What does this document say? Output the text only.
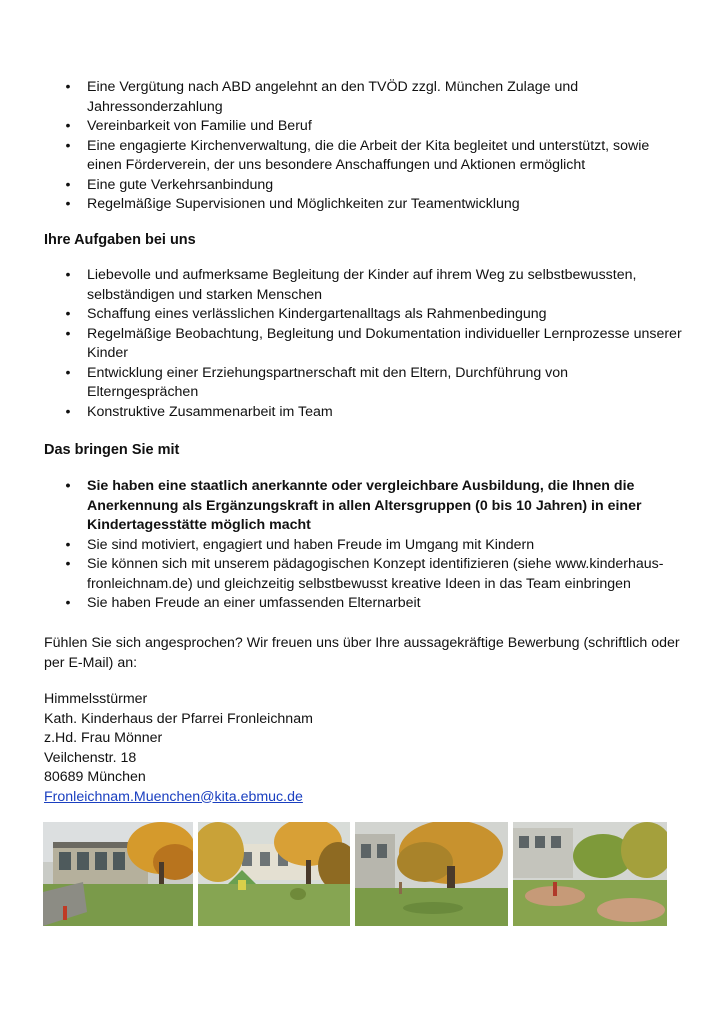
• Eine Vergütung nach ABD angelehnt an den TVÖD zzgl. München Zulage und Jahressonderzahlung
• Vereinbarkeit von Familie und Beruf
• Eine engagierte Kirchenverwaltung, die die Arbeit der Kita begleitet und unterstützt, sowie einen Förderverein, der uns besondere Anschaffungen und Aktionen ermöglicht
• Eine gute Verkehrsanbindung
• Regelmäßige Supervisionen und Möglichkeiten zur Teamentwicklung
Ihre Aufgaben bei uns
• Liebevolle und aufmerksame Begleitung der Kinder auf ihrem Weg zu selbstbewussten, selbständigen und starken Menschen
• Schaffung eines verlässlichen Kindergartenalltags als Rahmenbedingung
• Regelmäßige Beobachtung, Begleitung und Dokumentation individueller Lernprozesse unserer Kinder
• Entwicklung einer Erziehungspartnerschaft mit den Eltern, Durchführung von Elterngesprächen
• Konstruktive Zusammenarbeit im Team
Das bringen Sie mit
• Sie haben eine staatlich anerkannte oder vergleichbare Ausbildung, die Ihnen die Anerkennung als Ergänzungskraft in allen Altersgruppen (0 bis 10 Jahren) in einer Kindertagesstätte möglich macht
• Sie sind motiviert, engagiert und haben Freude im Umgang mit Kindern
• Sie können sich mit unserem pädagogischen Konzept identifizieren (siehe www.kinderhaus-fronleichnam.de) und gleichzeitig selbstbewusst kreative Ideen in das Team einbringen
• Sie haben Freude an einer umfassenden Elternarbeit
Fühlen Sie sich angesprochen? Wir freuen uns über Ihre aussagekräftige Bewerbung (schriftlich oder per E-Mail) an:
Himmelsstürmer
Kath. Kinderhaus der Pfarrei Fronleichnam
z.Hd. Frau Mönner
Veilchenstr. 18
80689 München
Fronleichnam.Muenchen@kita.ebmuc.de
